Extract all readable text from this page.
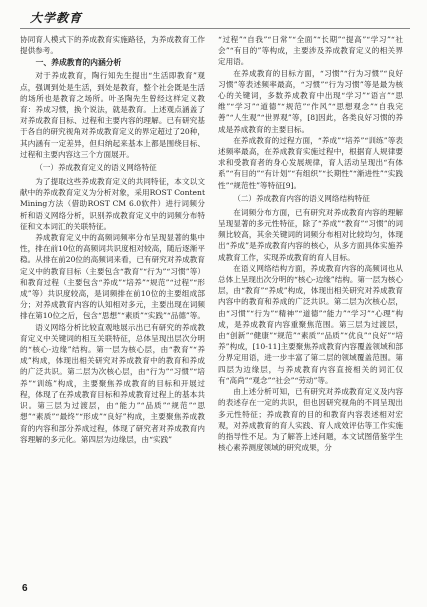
大学教育

协同育人模式下的养成教育实施路径，为养成教育工作提供参考。

一、养成教育的内涵分析

对于养成教育，陶行知先生提出“生活即教育”观点，强调到处是生活，到处是教育，整个社会既是生活的场所也是教育之场所。叶圣陶先生曾经这样定义教育：养成习惯，换个说法，就是教育。上述观点涵盖了对养成教育目标、过程和主要内容的理解。已有研究基于各自的研究视角对养成教育定义的界定超过了20种，其内涵有一定差异，但归纳起来基本上都是围绕目标、过程和主要内容这三个方面展开。

（一）养成教育定义的语义网络特征

为了提取这些养成教育定义的共同特征，本文以文献中的养成教育定义为分析对象，采用ROST Content Mining方法（借助ROST CM 6.0软件）进行词频分析和语义网络分析，识别养成教育定义中的词频分布特征和文本词汇的关联特征。

养成教育定义中的高频词频率分布呈现显著的集中性，排在前10位的高频词共识度相对较高，随后逐渐平稳。从排在前20位的高频词来看，已有研究对养成教育定义中的教育目标（主要包含“教育”“行为”“习惯”等）和教育过程（主要包含“养成”“培养”“规范”“过程”“形成”等）共识度较高，是词频排在前10位的主要组成部分；对养成教育内容的认知相对多元，主要出现在词频排在第10位之后，包含“思想”“素质”“实践”“品德”等。

语义网络分析比较直观地展示出已有研究的养成教育定义中关键词的相互关联特征，总体呈现出层次分明的“核心-边缘”结构。第一层为核心层，由“教育”“养成”构成，体现出相关研究对养成教育中的教育和养成的广泛共识。第二层为次核心层，由“行为”“习惯”“培养”“训练”构成，主要聚焦养成教育的目标和开展过程，体现了在养成教育目标和养成教育过程上的基本共识。第三层为过渡层，由“能力”“品质”“规范”“思想”“素质”“最终”“形成”“良好”构成，主要聚焦养成教育的内容和部分养成过程，体现了研究者对养成教育内容理解的多元化。第四层为边缘层，由“实践”

“过程”“自我”“日常”“全面”“长期”“提高”“学习”“社会”“有目的”等构成，主要涉及养成教育定义的相关界定用语。

在养成教育的目标方面，“习惯”“行为习惯”“良好习惯”等表述频率最高，“习惯”“行为习惯”等是最为核心的关键词，多数养成教育中出现“学习”“语言”“思维”“学习”“道德”“规范”“作风”“思想观念”“自我完善”“人生观”“世界观”等，[8]因此，各类良好习惯的养成是养成教育的主要目标。

在养成教育的过程方面，“养成”“培养”“训练”等表述频率最高，在养成教育实施过程中，根据育人规律要求和受教育者的身心发展规律，育人活动呈现出“有体系”“有目的”“有计划”“有组织”“长期性”“渐进性”“实践性”“规范性”等特征[9]。

（二）养成教育内容的语义网络结构特征

在词频分布方面，已有研究对养成教育内容的理解呈现显著的多元性特征，除了“养成”“教育”“习惯”的词频比较高，其余关键词的词频分布相对比较均匀，体现出“养成”是养成教育内容的核心，从多方面具体实施养成教育工作，实现养成教育的育人目标。

在语义网络结构方面，养成教育内容的高频词也从总体上呈现出次分明的“核心-边缘”结构。第一层为核心层，由“教育”“养成”构成，体现出相关研究对养成教育内容中的教育和养成的广泛共识。第二层为次核心层，由“习惯”“行为”“精神”“道德”“能力”“学习”“心理”构成，是养成教育内容重聚焦范围。第三层为过渡层，由“创新”“健康”“规范”“素质”“品质”“优良”“良好”“培养”构成，[10-11]主要聚焦养成教育内容覆盖领域和部分界定用语，进一步丰富了第二层的领域覆盖范围。第四层为边缘层，与养成教育内容直接相关的词汇仅有“高尚”“观念”“社会”“劳动”等。

由上述分析可知，已有研究对养成教育定义及内容的表述存在一定的共识，但也因研究视角的不同呈现出多元性特征；养成教育的目的和教育内容表述相对宏观，对养成教育的育人实践、育人成效评估等工作实施的指导性不足。为了解答上述问题，本文试图借鉴学生核心素养测度领域的研究成果，分

6
